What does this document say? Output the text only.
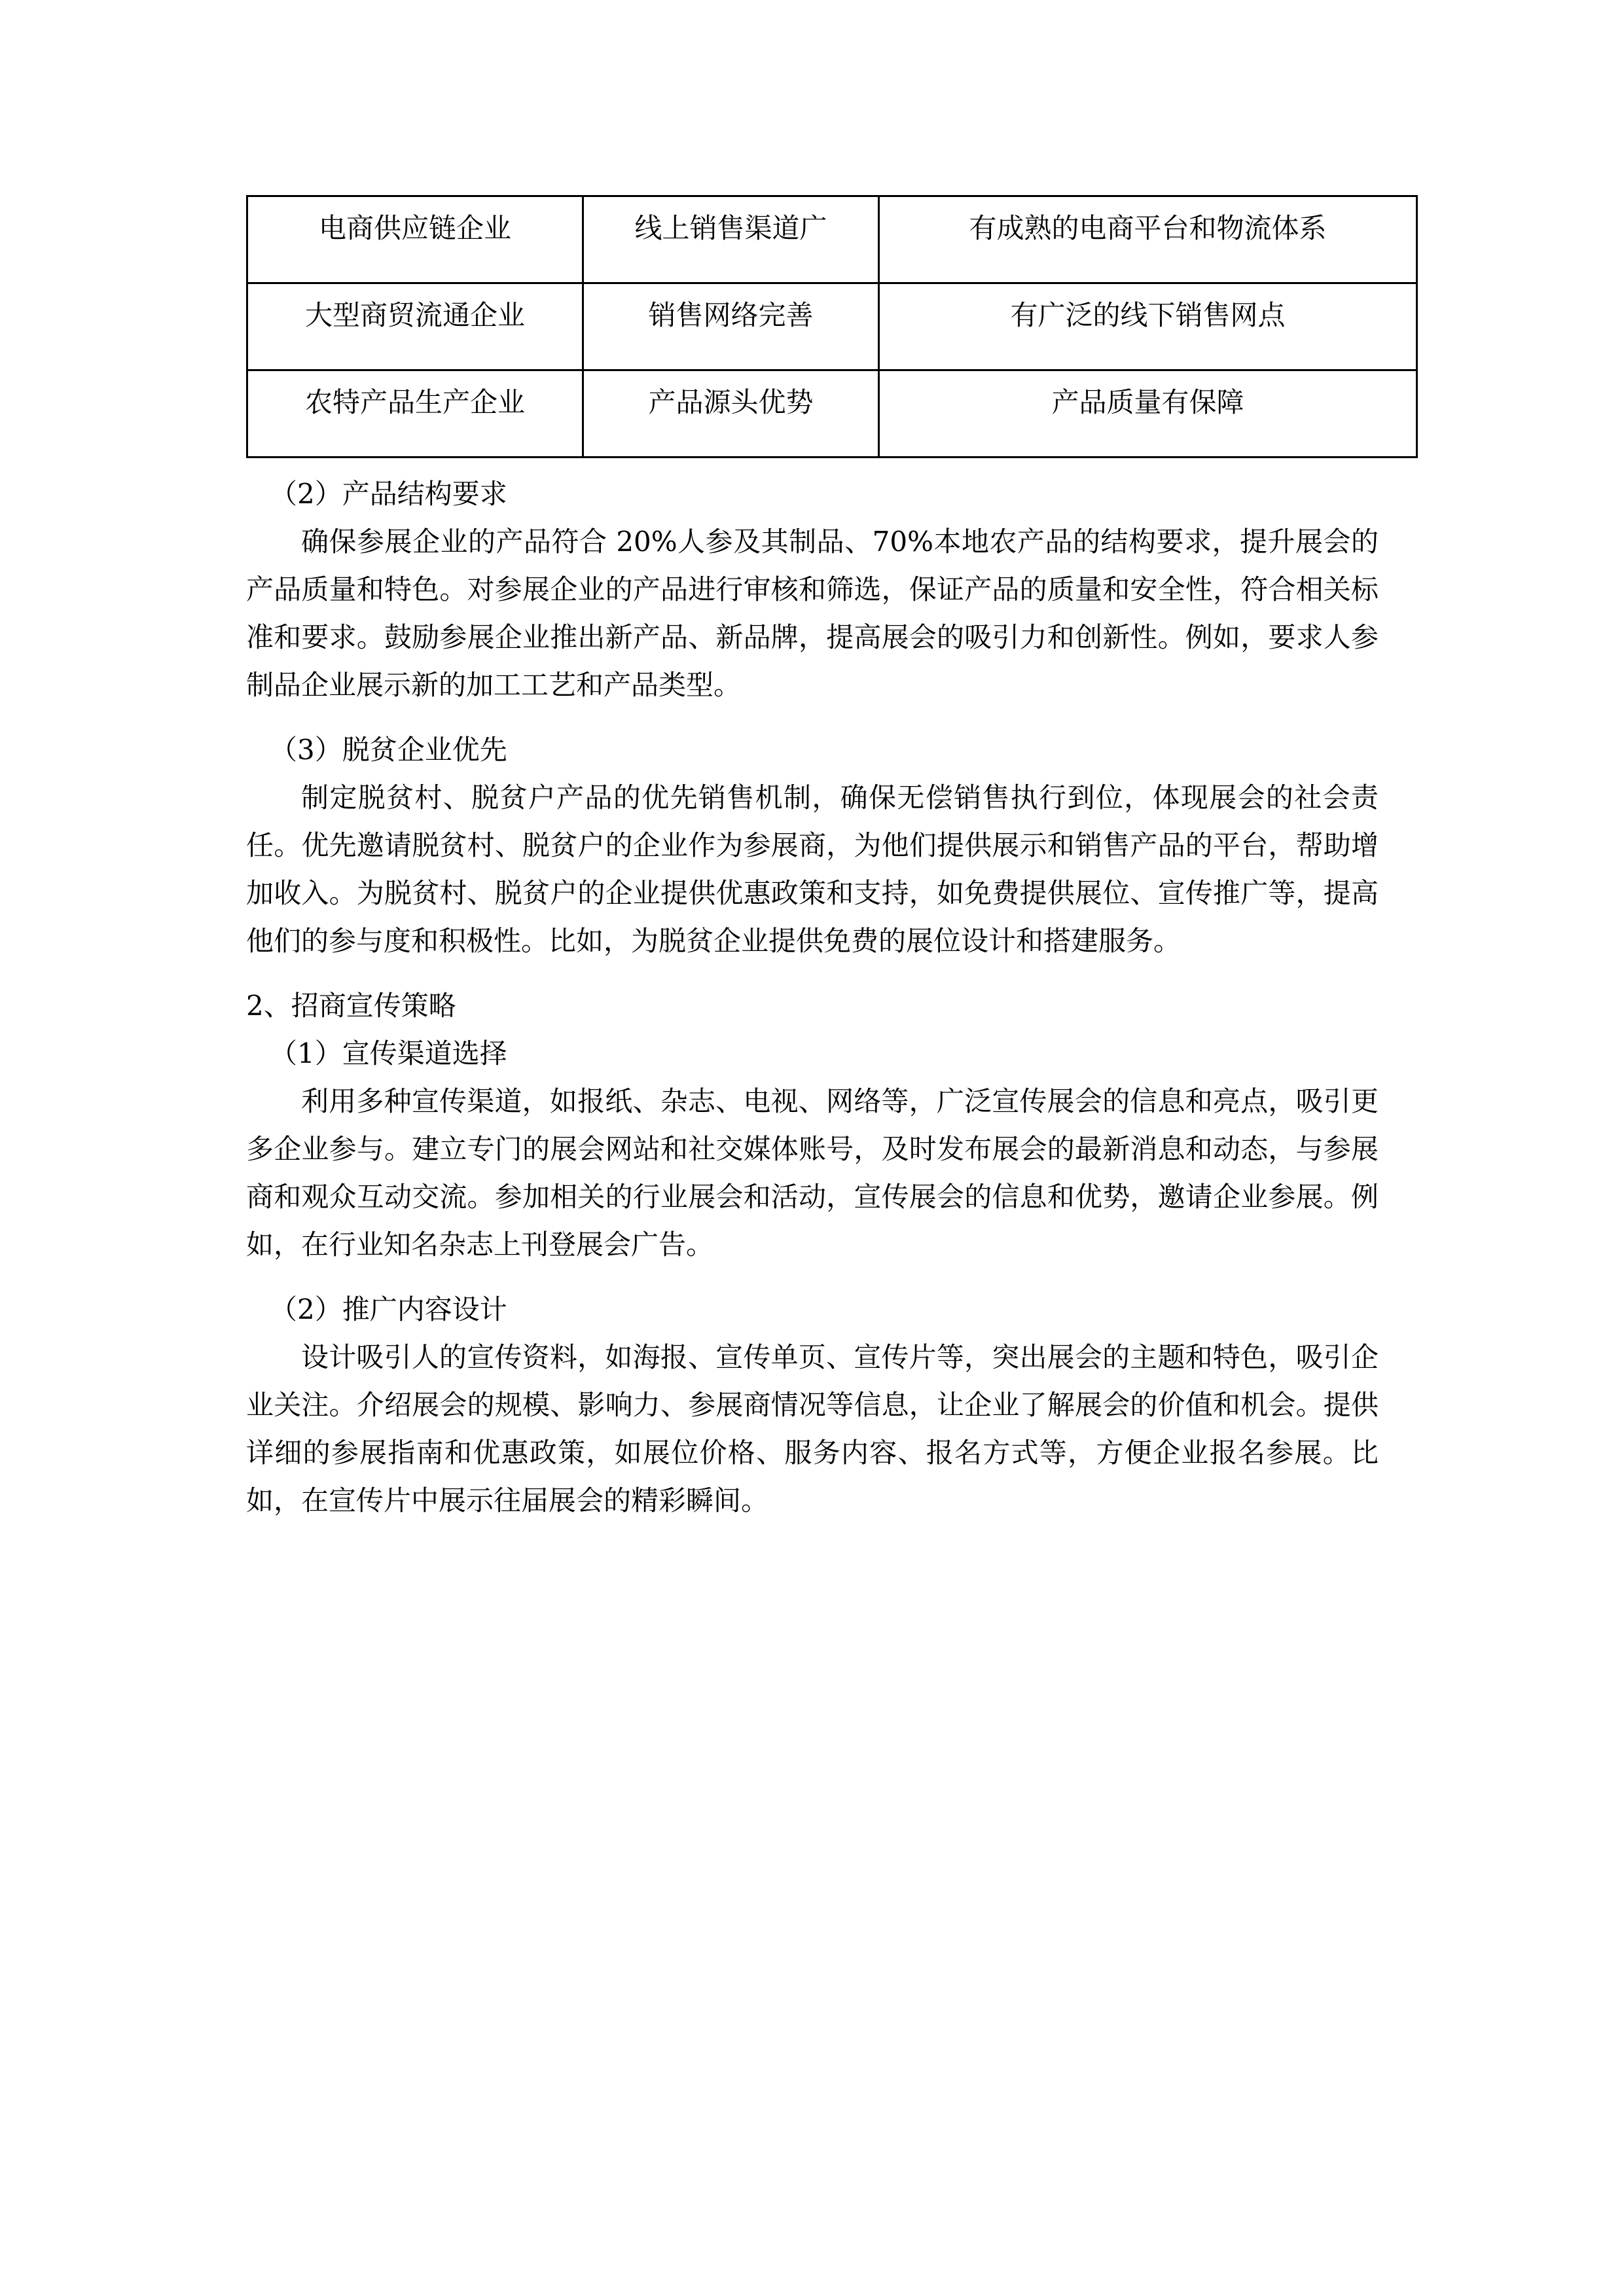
电商供应链企业	线上销售渠道广	有成熟的电商平台和物流体系
大型商贸流通企业	销售网络完善	有广泛的线下销售网点
农特产品生产企业	产品源头优势	产品质量有保障

（2）产品结构要求

确保参展企业的产品符合 20%人参及其制品、70%本地农产品的结构要求，提升展会的产品质量和特色。对参展企业的产品进行审核和筛选，保证产品的质量和安全性，符合相关标准和要求。鼓励参展企业推出新产品、新品牌，提高展会的吸引力和创新性。例如，要求人参制品企业展示新的加工工艺和产品类型。

（3）脱贫企业优先

制定脱贫村、脱贫户产品的优先销售机制，确保无偿销售执行到位，体现展会的社会责任。优先邀请脱贫村、脱贫户的企业作为参展商，为他们提供展示和销售产品的平台，帮助增加收入。为脱贫村、脱贫户的企业提供优惠政策和支持，如免费提供展位、宣传推广等，提高他们的参与度和积极性。比如，为脱贫企业提供免费的展位设计和搭建服务。

2、招商宣传策略

（1）宣传渠道选择

利用多种宣传渠道，如报纸、杂志、电视、网络等，广泛宣传展会的信息和亮点，吸引更多企业参与。建立专门的展会网站和社交媒体账号，及时发布展会的最新消息和动态，与参展商和观众互动交流。参加相关的行业展会和活动，宣传展会的信息和优势，邀请企业参展。例如，在行业知名杂志上刊登展会广告。

（2）推广内容设计

设计吸引人的宣传资料，如海报、宣传单页、宣传片等，突出展会的主题和特色，吸引企业关注。介绍展会的规模、影响力、参展商情况等信息，让企业了解展会的价值和机会。提供详细的参展指南和优惠政策，如展位价格、服务内容、报名方式等，方便企业报名参展。比如，在宣传片中展示往届展会的精彩瞬间。
